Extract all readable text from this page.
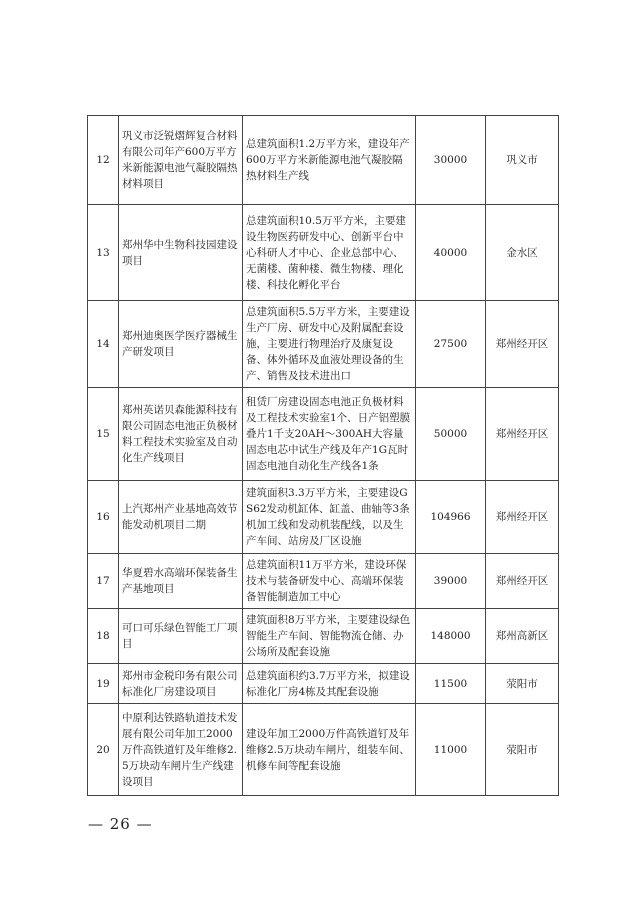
12	巩义市泛锐熠辉复合材料有限公司年产600万平方米新能源电池气凝胶隔热材料项目	总建筑面积1.2万平方米，建设年产600万平方米新能源电池气凝胶隔热材料生产线	30000	巩义市
13	郑州华中生物科技园建设项目	总建筑面积10.5万平方米，主要建设生物医药研发中心、创新平台中心科研人才中心、企业总部中心、无菌楼、菌种楼、微生物楼、理化楼、科技化孵化平台	40000	金水区
14	郑州迪奥医学医疗器械生产研发项目	总建筑面积5.5万平方米，主要建设生产厂房、研发中心及附属配套设施，主要进行物理治疗及康复设备、体外循环及血液处理设备的生产、销售及技术进出口	27500	郑州经开区
15	郑州英诺贝森能源科技有限公司固态电池正负极材料工程技术实验室及自动化生产线项目	租赁厂房建设固态电池正负极材料及工程技术实验室1个、日产铝塑膜叠片1千支20AH～300AH大容量固态电芯中试生产线及年产1G瓦时固态电池自动化生产线各1条	50000	郑州经开区
16	上汽郑州产业基地高效节能发动机项目二期	建筑面积3.3万平方米，主要建设GS62发动机缸体、缸盖、曲轴等3条机加工线和发动机装配线，以及生产车间、站房及厂区设施	104966	郑州经开区
17	华夏碧水高端环保装备生产基地项目	总建筑面积11万平方米，建设环保技术与装备研发中心、高端环保装备智能制造加工中心	39000	郑州经开区
18	可口可乐绿色智能工厂项目	建筑面积8万平方米，主要建设绿色智能生产车间、智能物流仓储、办公场所及配套设施	148000	郑州高新区
19	郑州市金税印务有限公司标准化厂房建设项目	总建筑面积约3.7万平方米，拟建设标准化厂房4栋及其配套设施	11500	荥阳市
20	中原利达铁路轨道技术发展有限公司年加工2000万件高铁道钉及年维修2.5万块动车闸片生产线建设项目	建设年加工2000万件高铁道钉及年维修2.5万块动车闸片，组装车间、机修车间等配套设施	11000	荥阳市
— 26 —
